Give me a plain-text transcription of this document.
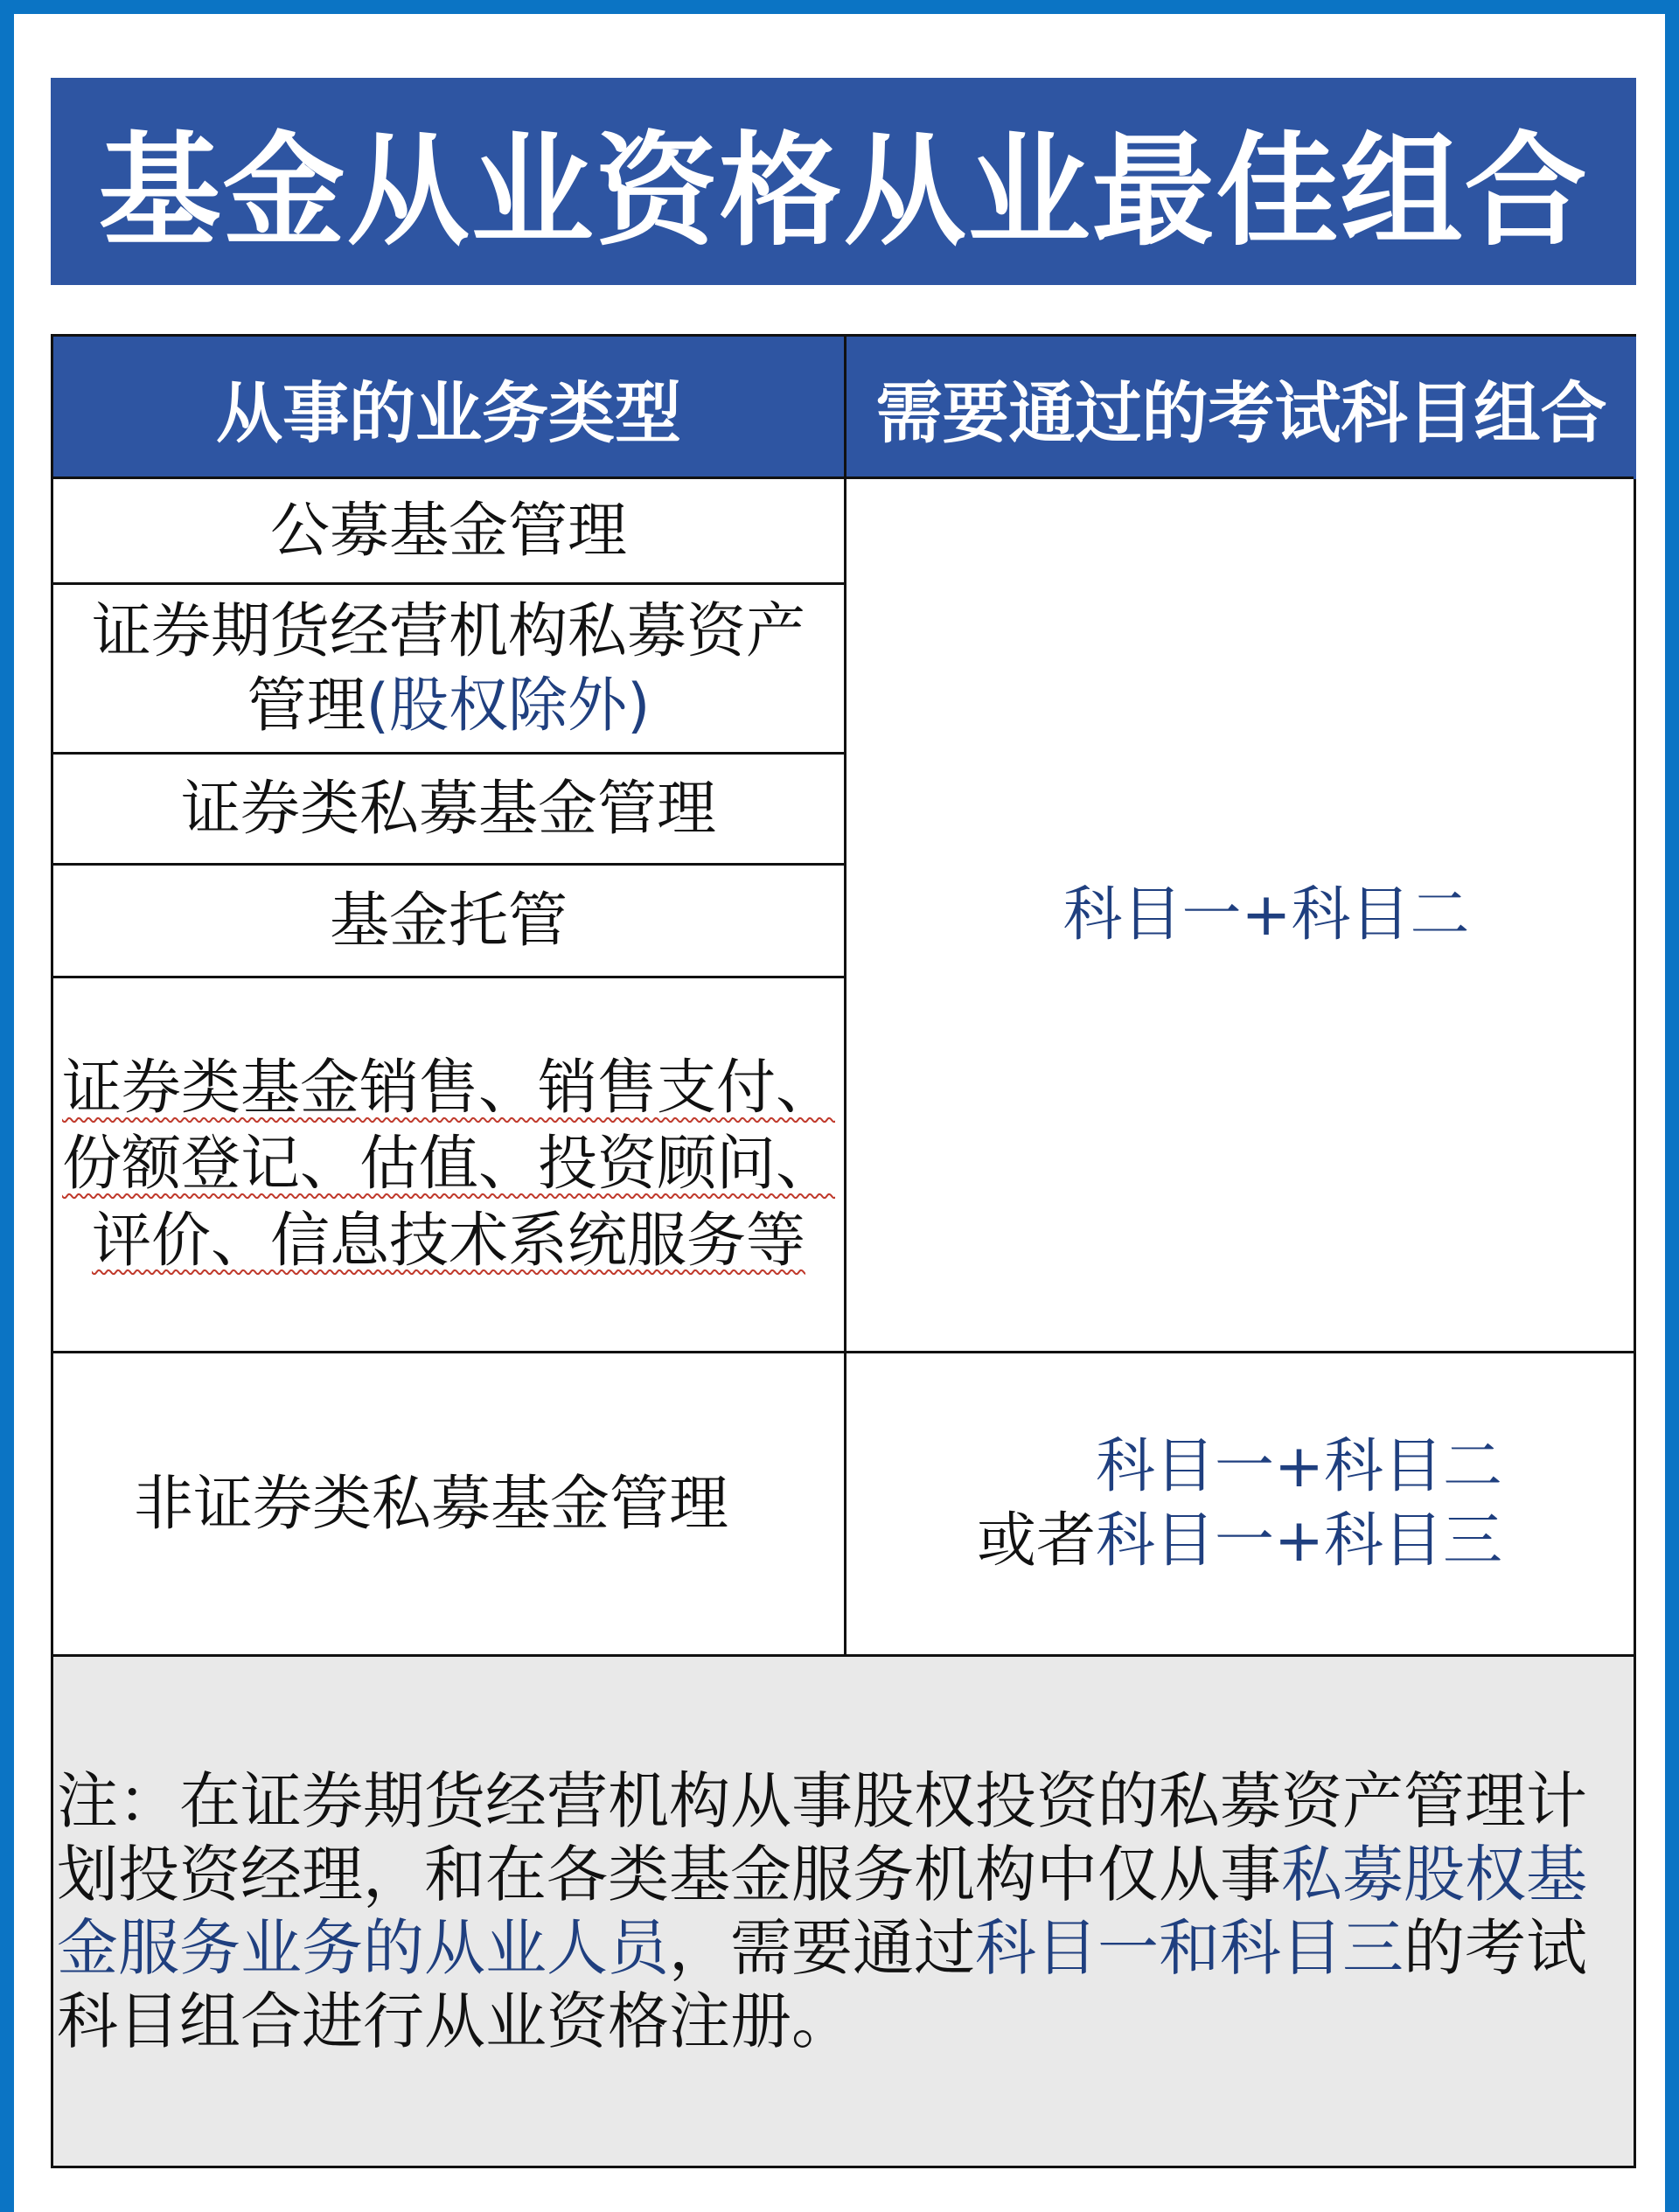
基金从业资格从业最佳组合
从事的业务类型	需要通过的考试科目组合
公募基金管理
证券期货经营机构私募资产
管理(股权除外)
证券类私募基金管理
基金托管
证券类基金销售、销售支付、
份额登记、估值、投资顾问、
评价、信息技术系统服务等
科目一+科目二
非证券类私募基金管理
科目一+科目二
或者科目一+科目三
注：在证券期货经营机构从事股权投资的私募资产管理计划投资经理，和在各类基金服务机构中仅从事私募股权基金服务业务的从业人员，需要通过科目一和科目三的考试科目组合进行从业资格注册。
